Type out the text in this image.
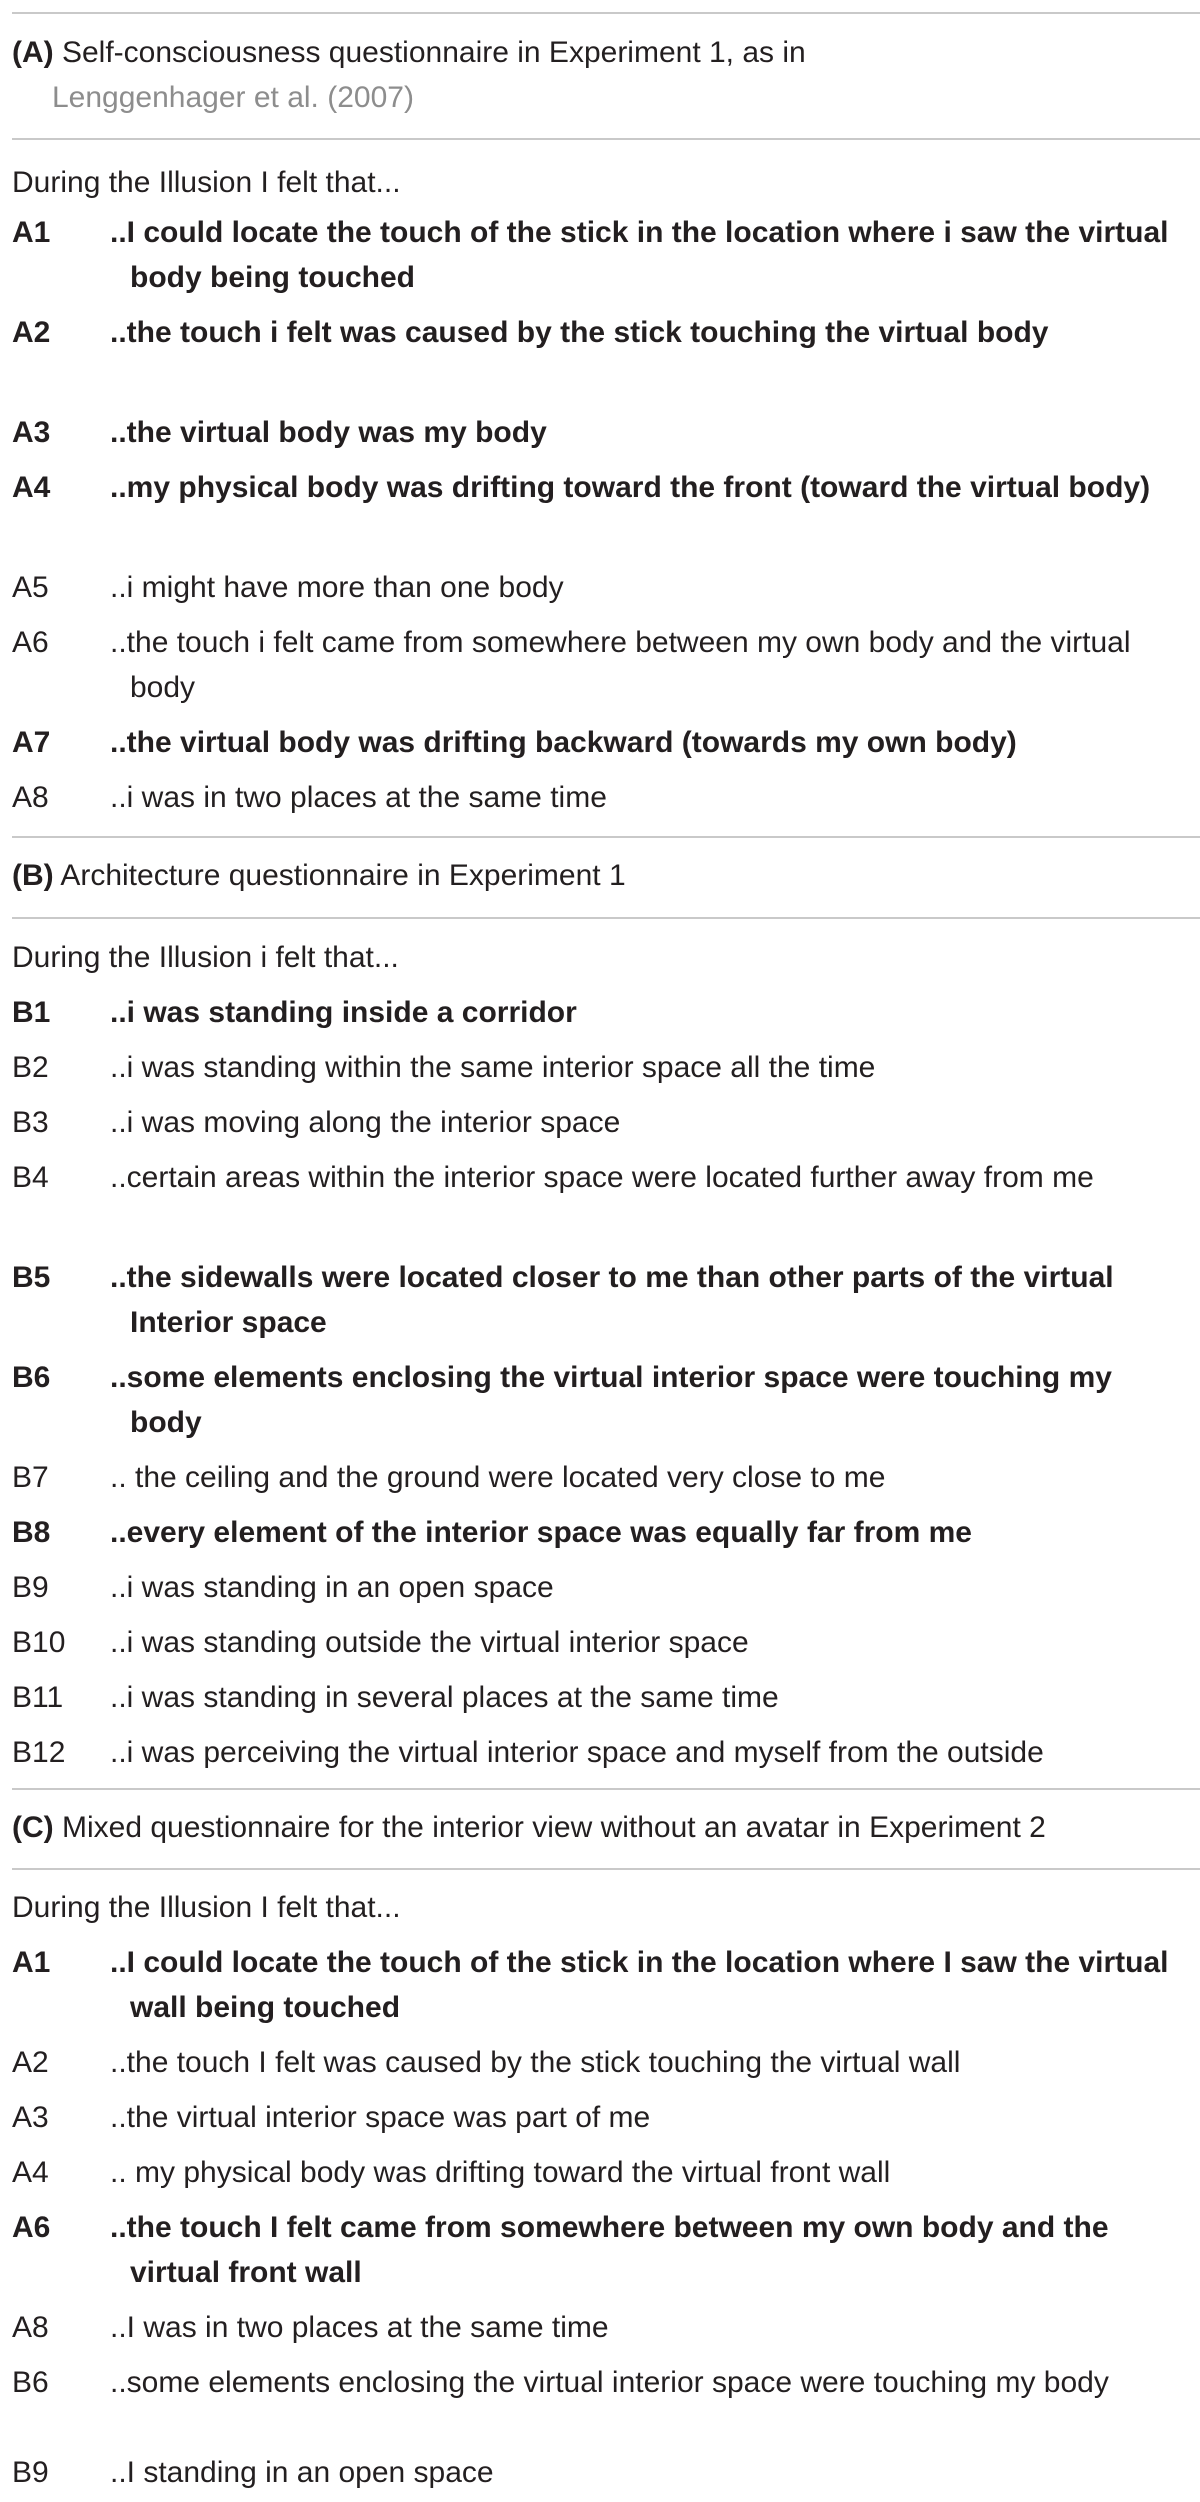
(A) Self-consciousness questionnaire in Experiment 1, as in
Lenggenhager et al. (2007)
During the Illusion I felt that...
A1	..I could locate the touch of the stick in the location where i saw the virtual body being touched
A2	..the touch i felt was caused by the stick touching the virtual body
A3	..the virtual body was my body
A4	..my physical body was drifting toward the front (toward the virtual body)
A5	..i might have more than one body
A6	..the touch i felt came from somewhere between my own body and the virtual body
A7	..the virtual body was drifting backward (towards my own body)
A8	..i was in two places at the same time
(B) Architecture questionnaire in Experiment 1
During the Illusion i felt that...
B1	..i was standing inside a corridor
B2	..i was standing within the same interior space all the time
B3	..i was moving along the interior space
B4	..certain areas within the interior space were located further away from me
B5	..the sidewalls were located closer to me than other parts of the virtual Interior space
B6	..some elements enclosing the virtual interior space were touching my body
B7	.. the ceiling and the ground were located very close to me
B8	..every element of the interior space was equally far from me
B9	..i was standing in an open space
B10	..i was standing outside the virtual interior space
B11	..i was standing in several places at the same time
B12	..i was perceiving the virtual interior space and myself from the outside
(C) Mixed questionnaire for the interior view without an avatar in Experiment 2
During the Illusion I felt that...
A1	..I could locate the touch of the stick in the location where I saw the virtual wall being touched
A2	..the touch I felt was caused by the stick touching the virtual wall
A3	..the virtual interior space was part of me
A4	.. my physical body was drifting toward the virtual front wall
A6	..the touch I felt came from somewhere between my own body and the virtual front wall
A8	..I was in two places at the same time
B6	..some elements enclosing the virtual interior space were touching my body
B9	..I standing in an open space
